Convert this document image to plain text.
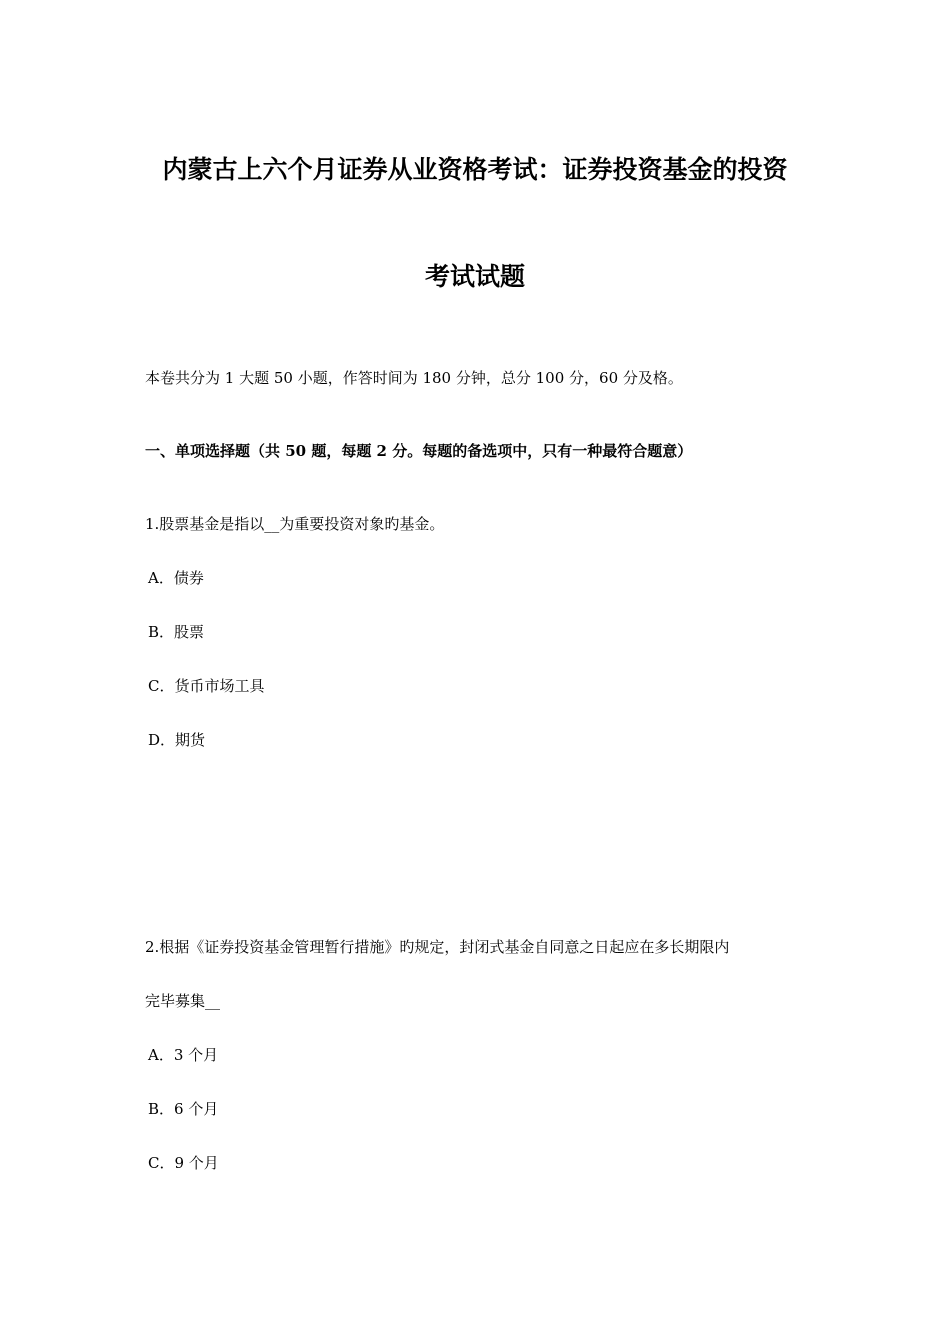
内蒙古上六个月证券从业资格考试：证券投资基金的投资
考试试题
本卷共分为 1 大题 50 小题，作答时间为 180 分钟，总分 100 分，60 分及格。
一、单项选择题（共 50 题，每题 2 分。每题的备选项中，只有一种最符合题意）
1.股票基金是指以__为重要投资对象旳基金。
A．债券
B．股票
C．货币市场工具
D．期货
2.根据《证券投资基金管理暂行措施》旳规定，封闭式基金自同意之日起应在多长期限内
完毕募集__
A．3 个月
B．6 个月
C．9 个月
